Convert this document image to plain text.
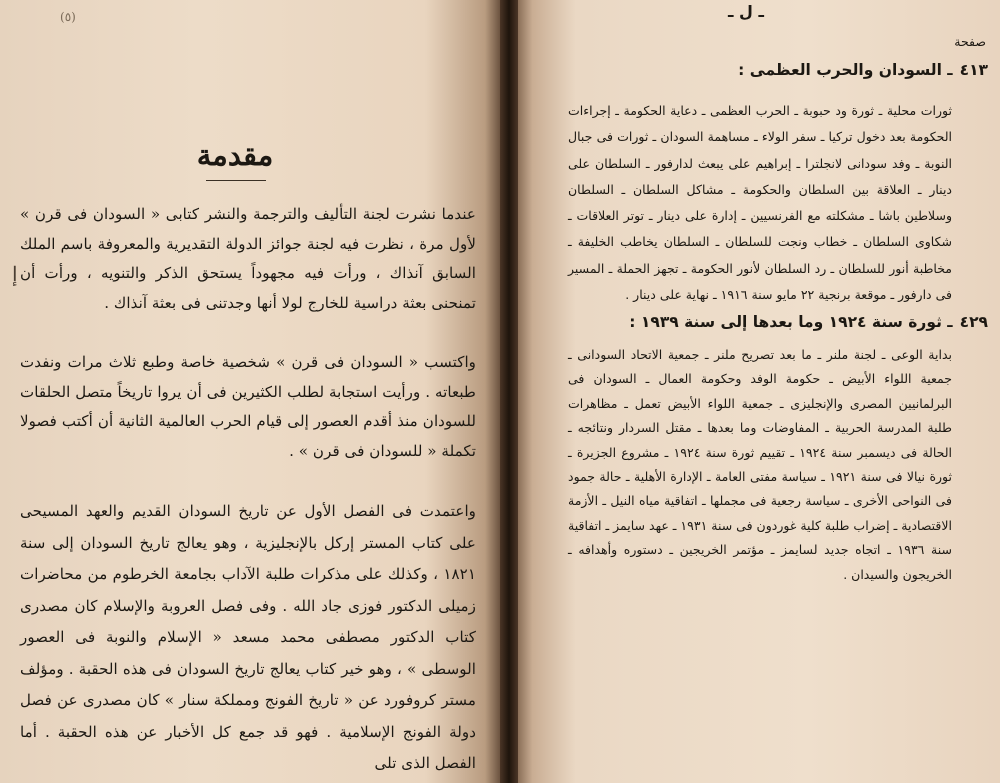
(٥)
مقدمة
إ

عندما نشرت لجنة التأليف والترجمة والنشر كتابى « السودان فى قرن » لأول مرة ، نظرت فيه لجنة جوائز الدولة التقديرية والمعروفة باسم الملك السابق آنذاك ، ورأت فيه مجهوداً يستحق الذكر والتنويه ، ورأت أن تمنحنى بعثة دراسية للخارج لولا أنها وجدتنى فى بعثة آنذاك .

واكتسب « السودان فى قرن » شخصية خاصة وطبع ثلاث مرات ونفدت طبعاته . ورأيت استجابة لطلب الكثيرين فى أن يروا تاريخاً متصل الحلقات للسودان منذ أقدم العصور إلى قيام الحرب العالمية الثانية أن أكتب فصولا تكملة « للسودان فى قرن » .

واعتمدت فى الفصل الأول عن تاريخ السودان القديم والعهد المسيحى على كتاب المستر إركل بالإنجليزية ، وهو يعالج تاريخ السودان إلى سنة ١٨٢١ ، وكذلك على مذكرات طلبة الآداب بجامعة الخرطوم من محاضرات زميلى الدكتور فوزى جاد الله . وفى فصل العروبة والإسلام كان مصدرى كتاب الدكتور مصطفى محمد مسعد « الإسلام والنوبة فى العصور الوسطى » ، وهو خير كتاب يعالج تاريخ السودان فى هذه الحقبة . ومؤلف مستر كروفورد عن « تاريخ الفونج ومملكة سنار » كان مصدرى عن فصل دولة الفونج الإسلامية . فهو قد جمع كل الأخبار عن هذه الحقبة . أما الفصل الذى تلى

ـ ل ـ
صفحة
٤١٣ ـ السودان والحرب العظمى :

ثورات محلية ـ ثورة ود حبوبة ـ الحرب العظمى ـ دعاية الحكومة ـ إجراءات الحكومة بعد دخول تركيا ـ سفر الولاء ـ مساهمة السودان ـ ثورات فى جبال النوبة ـ وفد سودانى لانجلترا ـ إبراهيم على يبعث لدارفور ـ السلطان على دينار ـ العلاقة بين السلطان والحكومة ـ مشاكل السلطان ـ السلطان وسلاطين باشا ـ مشكلته مع الفرنسيين ـ إدارة على دينار ـ توتر العلاقات ـ شكاوى السلطان ـ خطاب ونجت للسلطان ـ السلطان يخاطب الخليفة ـ مخاطبة أنور للسلطان ـ رد السلطان لأنور الحكومة ـ تجهز الحملة ـ المسير فى دارفور ـ موقعة برنجية ٢٢ مايو سنة ١٩١٦ ـ نهاية على دينار .

٤٢٩ ـ ثورة سنة ١٩٢٤ وما بعدها إلى سنة ١٩٣٩ :

بداية الوعى ـ لجنة ملنر ـ ما بعد تصريح ملنر ـ جمعية الاتحاد السودانى ـ جمعية اللواء الأبيض ـ حكومة الوفد وحكومة العمال ـ السودان فى البرلمانيين المصرى والإنجليزى ـ جمعية اللواء الأبيض تعمل ـ مظاهرات طلبة المدرسة الحربية ـ المفاوضات وما بعدها ـ مقتل السردار ونتائجه ـ الحالة فى ديسمبر سنة ١٩٢٤ ـ تقييم ثورة سنة ١٩٢٤ ـ مشروع الجزيرة ـ ثورة نيالا فى سنة ١٩٢١ ـ سياسة مفتى العامة ـ الإدارة الأهلية ـ حالة جمود فى النواحى الأخرى ـ سياسة رجعية فى مجملها ـ اتفاقية مياه النيل ـ الأزمة الاقتصادية ـ إضراب طلبة كلية غوردون فى سنة ١٩٣١ ـ عهد سايمز ـ اتفاقية سنة ١٩٣٦ ـ اتجاه جديد لسايمز ـ مؤتمر الخريجين ـ دستوره وأهدافه ـ الخريجون والسيدان .
